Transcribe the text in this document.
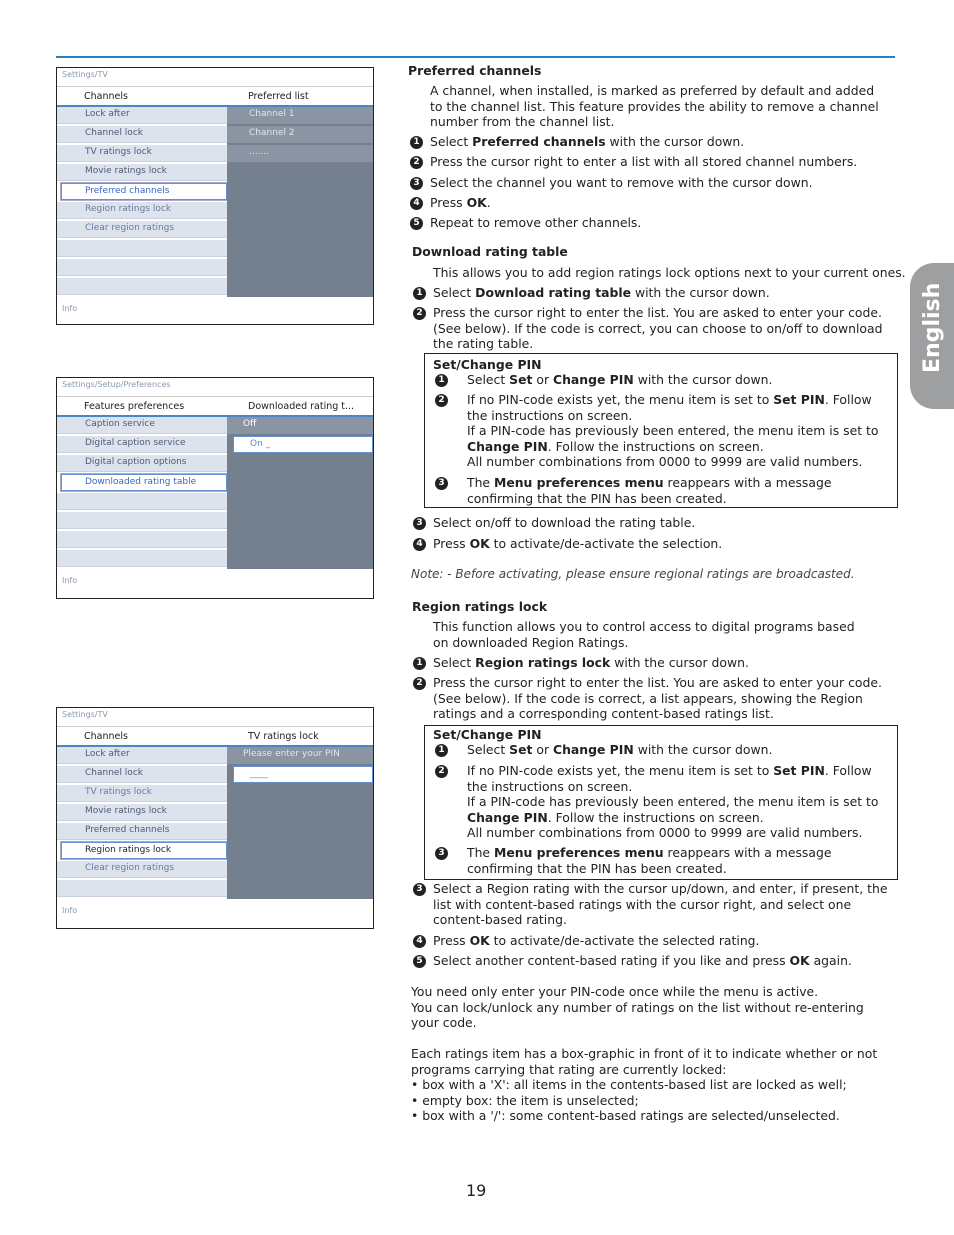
English
Settings/TV
Channels	Preferred list
Lock after
Channel lock
TV ratings lock
Movie ratings lock
Preferred channels
Region ratings lock
Clear region ratings
Channel 1
Channel 2
.......
Info
Settings/Setup/Preferences
Features preferences	Downloaded rating t...
Caption service
Digital caption service
Digital caption options
Downloaded rating table
Off
On _
Info
Settings/TV
Channels	TV ratings lock
Lock after
Channel lock
TV ratings lock
Movie ratings lock
Preferred channels
Region ratings lock
Clear region ratings
Please enter your PIN
____
Info
Preferred channels
A channel, when installed, is marked as preferred by default and added to the channel list. This feature provides the ability to remove a channel number from the channel list.
1 Select Preferred channels with the cursor down.
2 Press the cursor right to enter a list with all stored channel numbers.
3 Select the channel you want to remove with the cursor down.
4 Press OK.
5 Repeat to remove other channels.
Download rating table
This allows you to add region ratings lock options next to your current ones.
1 Select Download rating table with the cursor down.
2 Press the cursor right to enter the list. You are asked to enter your code. (See below). If the code is correct, you can choose to on/off to download the rating table.
Set/Change PIN
1 Select Set or Change PIN with the cursor down.
2 If no PIN-code exists yet, the menu item is set to Set PIN. Follow the instructions on screen.
If a PIN-code has previously been entered, the menu item is set to Change PIN. Follow the instructions on screen.
All number combinations from 0000 to 9999 are valid numbers.
3 The Menu preferences menu reappears with a message confirming that the PIN has been created.
3 Select on/off to download the rating table.
4 Press OK to activate/de-activate the selection.
Note: - Before activating, please ensure regional ratings are broadcasted.
Region ratings lock
This function allows you to control access to digital programs based on downloaded Region Ratings.
1 Select Region ratings lock with the cursor down.
2 Press the cursor right to enter the list. You are asked to enter your code. (See below). If the code is correct, a list appears, showing the Region ratings and a corresponding content-based ratings list.
Set/Change PIN
1 Select Set or Change PIN with the cursor down.
2 If no PIN-code exists yet, the menu item is set to Set PIN. Follow the instructions on screen.
If a PIN-code has previously been entered, the menu item is set to Change PIN. Follow the instructions on screen.
All number combinations from 0000 to 9999 are valid numbers.
3 The Menu preferences menu reappears with a message confirming that the PIN has been created.
3 Select a Region rating with the cursor up/down, and enter, if present, the list with content-based ratings with the cursor right, and select one content-based rating.
4 Press OK to activate/de-activate the selected rating.
5 Select another content-based rating if you like and press OK again.
You need only enter your PIN-code once while the menu is active.
You can lock/unlock any number of ratings on the list without re-entering your code.
Each ratings item has a box-graphic in front of it to indicate whether or not programs carrying that rating are currently locked:
• box with a 'X': all items in the contents-based list are locked as well;
• empty box: the item is unselected;
• box with a '/': some content-based ratings are selected/unselected.
19
